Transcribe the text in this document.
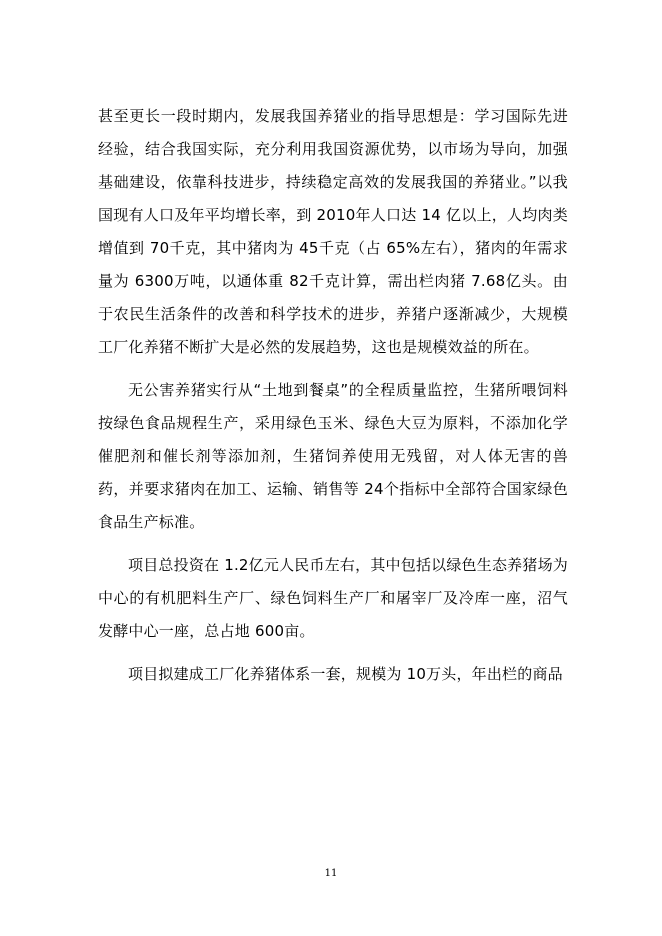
甚至更长一段时期内，发展我国养猪业的指导思想是：学习国际先进经验，结合我国实际，充分利用我国资源优势，以市场为导向，加强基础建设，依靠科技进步，持续稳定高效的发展我国的养猪业。”以我国现有人口及年平均增长率，到 2010年人口达 14 亿以上，人均肉类增值到 70千克，其中猪肉为 45千克（占 65%左右），猪肉的年需求量为 6300万吨，以通体重 82千克计算，需出栏肉猪 7.68亿头。由于农民生活条件的改善和科学技术的进步，养猪户逐渐减少，大规模工厂化养猪不断扩大是必然的发展趋势，这也是规模效益的所在。

无公害养猪实行从“土地到餐桌”的全程质量监控，生猪所喂饲料按绿色食品规程生产，采用绿色玉米、绿色大豆为原料，不添加化学催肥剂和催长剂等添加剂，生猪饲养使用无残留，对人体无害的兽药，并要求猪肉在加工、运输、销售等 24个指标中全部符合国家绿色食品生产标准。

项目总投资在 1.2亿元人民币左右，其中包括以绿色生态养猪场为中心的有机肥料生产厂、绿色饲料生产厂和屠宰厂及冷库一座，沼气发酵中心一座，总占地 600亩。

项目拟建成工厂化养猪体系一套，规模为 10万头，年出栏的商品

11
